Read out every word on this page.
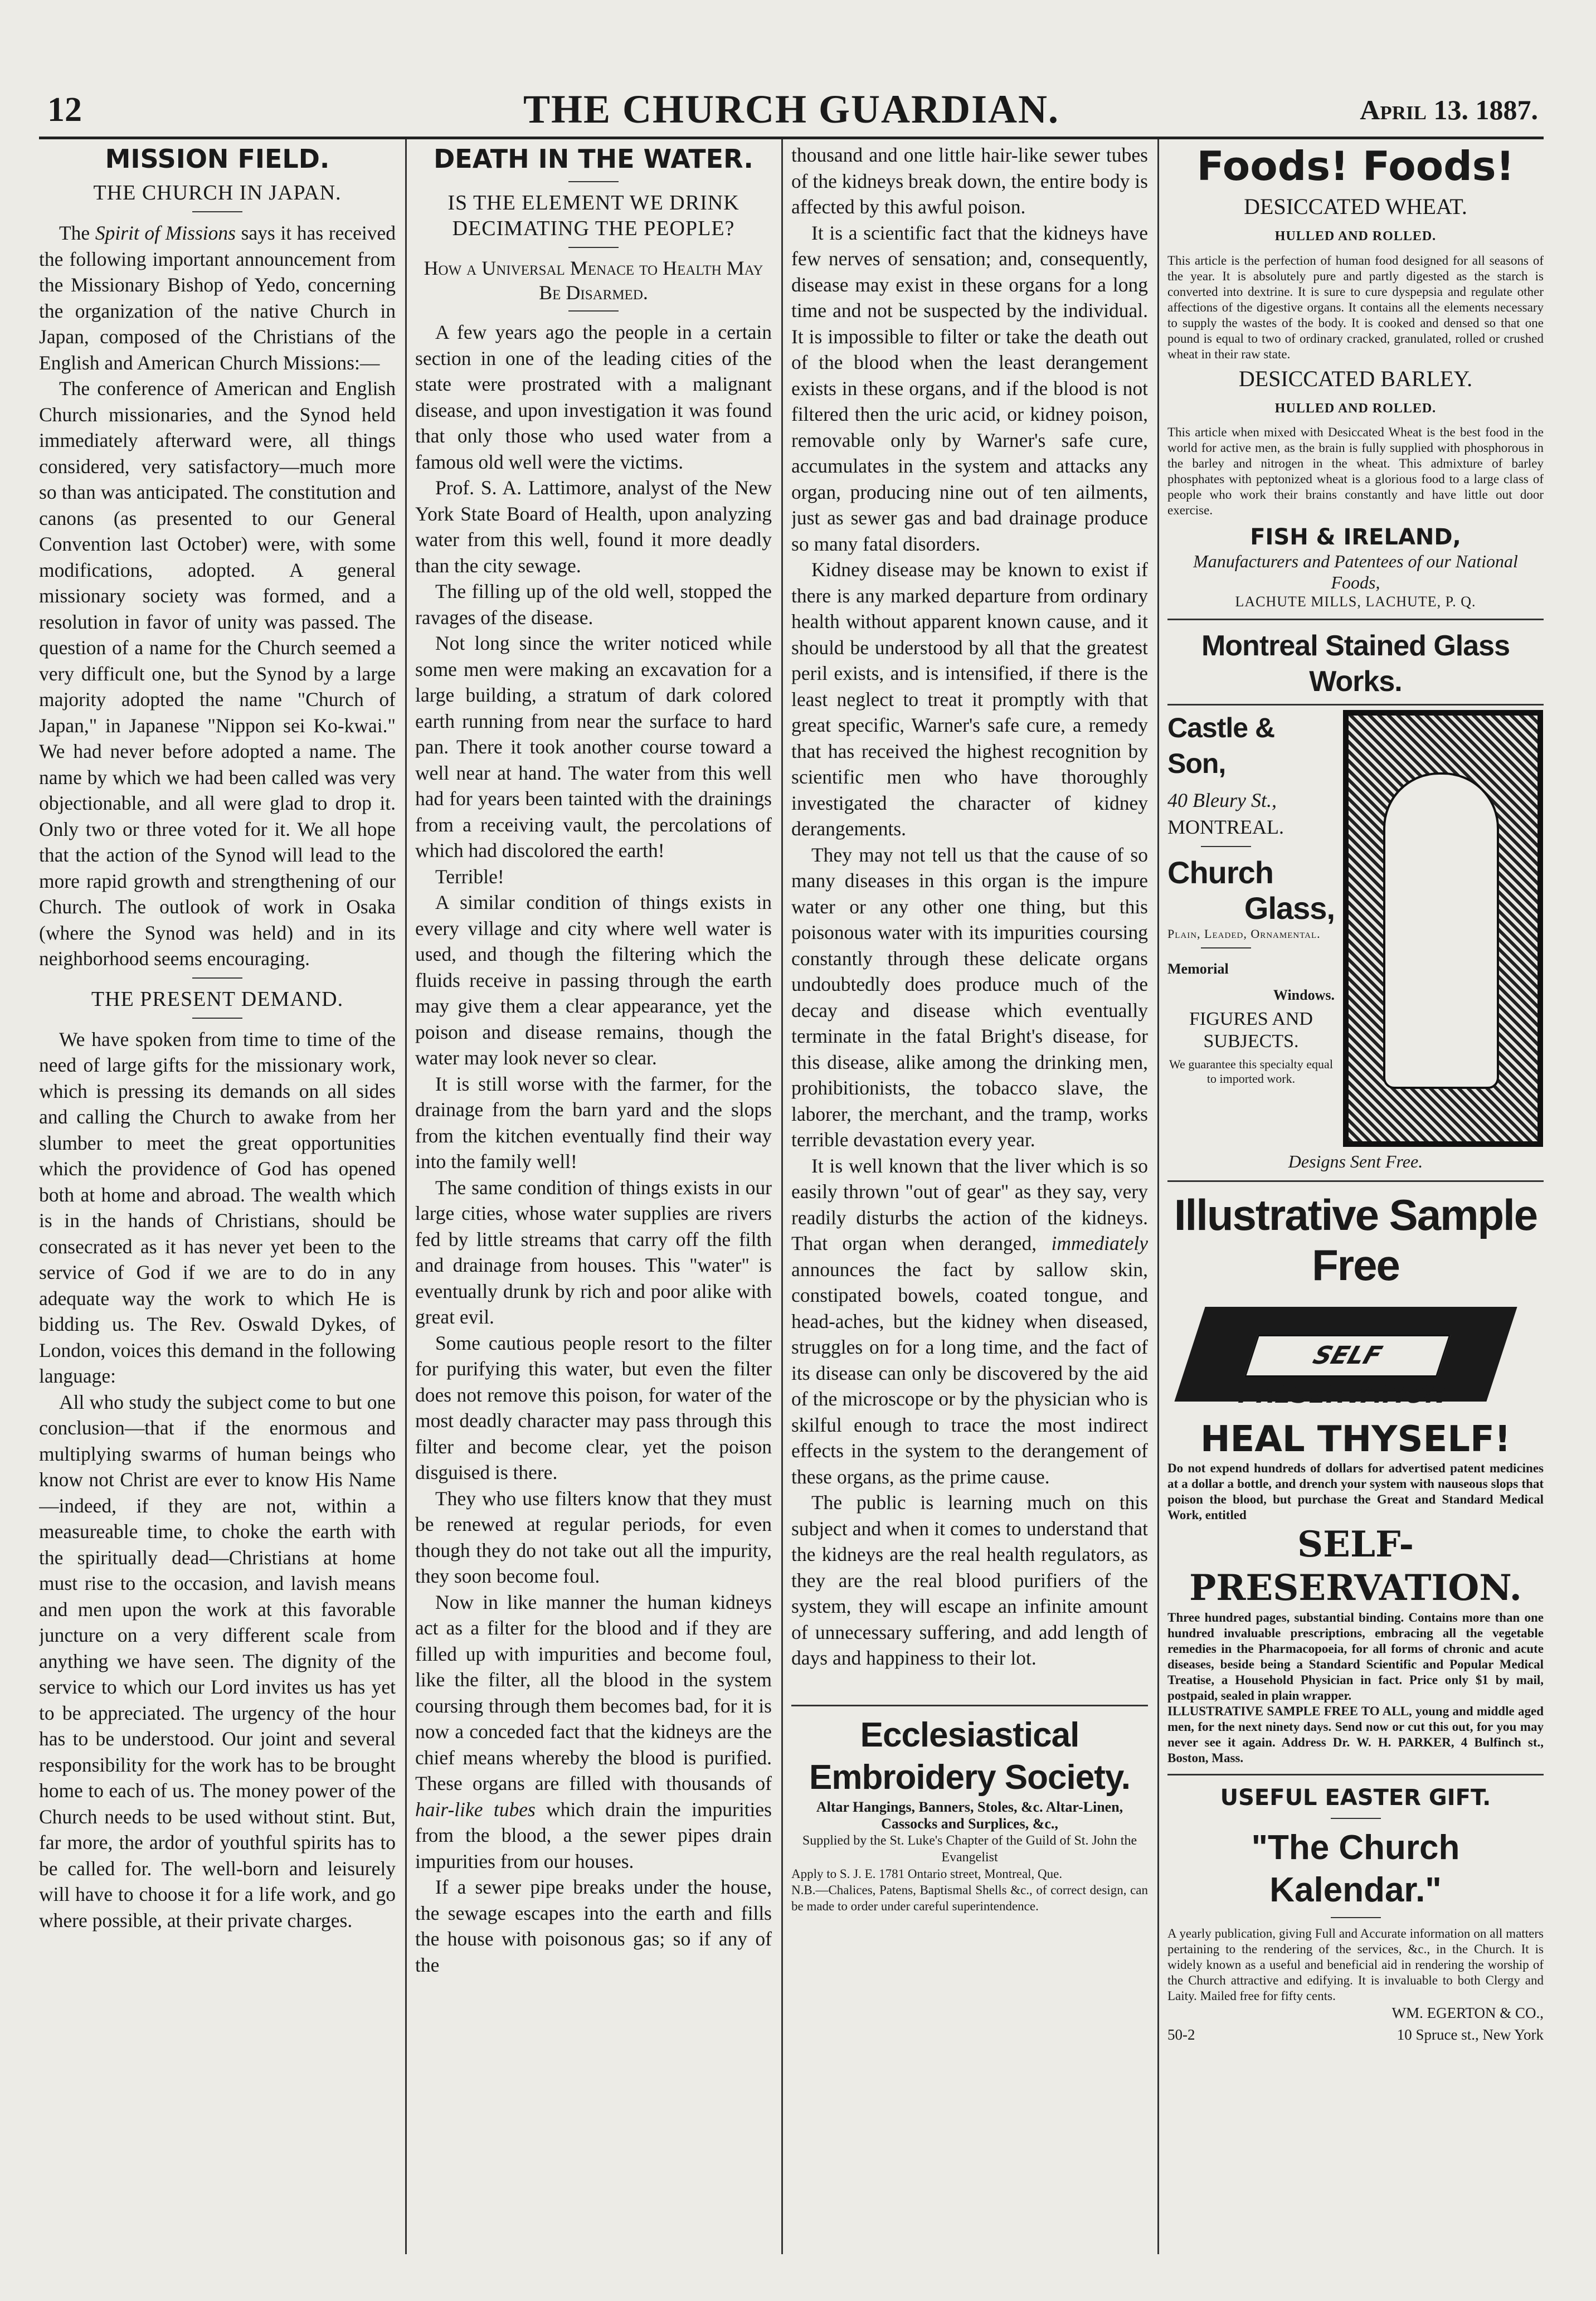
12	THE CHURCH GUARDIAN.	April 13. 1887.
MISSION FIELD.
THE CHURCH IN JAPAN.

The Spirit of Missions says it has received the following important announcement from the Missionary Bishop of Yedo, concerning the organization of the native Church in Japan, composed of the Christians of the English and American Church Missions:—

The conference of American and English Church missionaries, and the Synod held immediately afterward were, all things considered, very satisfactory—much more so than was anticipated. The constitution and canons (as presented to our General Convention last October) were, with some modifications, adopted. A general missionary society was formed, and a resolution in favor of unity was passed. The question of a name for the Church seemed a very difficult one, but the Synod by a large majority adopted the name "Church of Japan," in Japanese "Nippon sei Ko-kwai." We had never before adopted a name. The name by which we had been called was very objectionable, and all were glad to drop it. Only two or three voted for it. We all hope that the action of the Synod will lead to the more rapid growth and strengthening of our Church. The outlook of work in Osaka (where the Synod was held) and in its neighborhood seems encouraging.

THE PRESENT DEMAND.

We have spoken from time to time of the need of large gifts for the missionary work, which is pressing its demands on all sides and calling the Church to awake from her slumber to meet the great opportunities which the providence of God has opened both at home and abroad. The wealth which is in the hands of Christians, should be consecrated as it has never yet been to the service of God if we are to do in any adequate way the work to which He is bidding us. The Rev. Oswald Dykes, of London, voices this demand in the following language:

All who study the subject come to but one conclusion—that if the enormous and multiplying swarms of human beings who know not Christ are ever to know His Name—indeed, if they are not, within a measureable time, to choke the earth with the spiritually dead—Christians at home must rise to the occasion, and lavish means and men upon the work at this favorable juncture on a very different scale from anything we have seen. The dignity of the service to which our Lord invites us has yet to be appreciated. The urgency of the hour has to be understood. Our joint and several responsibility for the work has to be brought home to each of us. The money power of the Church needs to be used without stint. But, far more, the ardor of youthful spirits has to be called for. The well-born and leisurely will have to choose it for a life work, and go where possible, at their private charges.

DEATH IN THE WATER.
IS THE ELEMENT WE DRINK DECIMATING THE PEOPLE?
How a Universal Menace to Health May Be Disarmed.

A few years ago the people in a certain section in one of the leading cities of the state were prostrated with a malignant disease, and upon investigation it was found that only those who used water from a famous old well were the victims.

Prof. S. A. Lattimore, analyst of the New York State Board of Health, upon analyzing water from this well, found it more deadly than the city sewage.

The filling up of the old well, stopped the ravages of the disease.

Not long since the writer noticed while some men were making an excavation for a large building, a stratum of dark colored earth running from near the surface to hard pan. There it took another course toward a well near at hand. The water from this well had for years been tainted with the drainings from a receiving vault, the percolations of which had discolored the earth!

Terrible!

A similar condition of things exists in every village and city where well water is used, and though the filtering which the fluids receive in passing through the earth may give them a clear appearance, yet the poison and disease remains, though the water may look never so clear.

It is still worse with the farmer, for the drainage from the barn yard and the slops from the kitchen eventually find their way into the family well!

The same condition of things exists in our large cities, whose water supplies are rivers fed by little streams that carry off the filth and drainage from houses. This "water" is eventually drunk by rich and poor alike with great evil.

Some cautious people resort to the filter for purifying this water, but even the filter does not remove this poison, for water of the most deadly character may pass through this filter and become clear, yet the poison disguised is there.

They who use filters know that they must be renewed at regular periods, for even though they do not take out all the impurity, they soon become foul.

Now in like manner the human kidneys act as a filter for the blood and if they are filled up with impurities and become foul, like the filter, all the blood in the system coursing through them becomes bad, for it is now a conceded fact that the kidneys are the chief means whereby the blood is purified. These organs are filled with thousands of hair-like tubes which drain the impurities from the blood, a the sewer pipes drain impurities from our houses.

If a sewer pipe breaks under the house, the sewage escapes into the earth and fills the house with poisonous gas; so if any of the

thousand and one little hair-like sewer tubes of the kidneys break down, the entire body is affected by this awful poison.

It is a scientific fact that the kidneys have few nerves of sensation; and, consequently, disease may exist in these organs for a long time and not be suspected by the individual. It is impossible to filter or take the death out of the blood when the least derangement exists in these organs, and if the blood is not filtered then the uric acid, or kidney poison, removable only by Warner's safe cure, accumulates in the system and attacks any organ, producing nine out of ten ailments, just as sewer gas and bad drainage produce so many fatal disorders.

Kidney disease may be known to exist if there is any marked departure from ordinary health without apparent known cause, and it should be understood by all that the greatest peril exists, and is intensified, if there is the least neglect to treat it promptly with that great specific, Warner's safe cure, a remedy that has received the highest recognition by scientific men who have thoroughly investigated the character of kidney derangements.

They may not tell us that the cause of so many diseases in this organ is the impure water or any other one thing, but this poisonous water with its impurities coursing constantly through these delicate organs undoubtedly does produce much of the decay and disease which eventually terminate in the fatal Bright's disease, for this disease, alike among the drinking men, prohibitionists, the tobacco slave, the laborer, the merchant, and the tramp, works terrible devastation every year.

It is well known that the liver which is so easily thrown "out of gear" as they say, very readily disturbs the action of the kidneys. That organ when deranged, immediately announces the fact by sallow skin, constipated bowels, coated tongue, and head-aches, but the kidney when diseased, struggles on for a long time, and the fact of its disease can only be discovered by the aid of the microscope or by the physician who is skilful enough to trace the most indirect effects in the system to the derangement of these organs, as the prime cause.

The public is learning much on this subject and when it comes to understand that the kidneys are the real health regulators, as they are the real blood purifiers of the system, they will escape an infinite amount of unnecessary suffering, and add length of days and happiness to their lot.

Ecclesiastical Embroidery Society.
Altar Hangings, Banners, Stoles, &c. Altar-Linen, Cassocks and Surplices, &c.,
Supplied by the St. Luke's Chapter of the Guild of St. John the Evangelist
Apply to S. J. E. 1781 Ontario street, Montreal, Que.
N.B.—Chalices, Patens, Baptismal Shells &c., of correct design, can be made to order under careful superintendence.
Foods! Foods!
DESICCATED WHEAT.
HULLED AND ROLLED.
This article is the perfection of human food designed for all seasons of the year. It is absolutely pure and partly digested as the starch is converted into dextrine. It is sure to cure dyspepsia and regulate other affections of the digestive organs. It contains all the elements necessary to supply the wastes of the body. It is cooked and densed so that one pound is equal to two of ordinary cracked, granulated, rolled or crushed wheat in their raw state.
DESICCATED BARLEY.
HULLED AND ROLLED.
This article when mixed with Desiccated Wheat is the best food in the world for active men, as the brain is fully supplied with phosphorous in the barley and nitrogen in the wheat. This admixture of barley phosphates with peptonized wheat is a glorious food to a large class of people who work their brains constantly and have little out door exercise.
FISH & IRELAND,
Manufacturers and Patentees of our National Foods,
LACHUTE MILLS, LACHUTE, P. Q.
Montreal Stained Glass Works.
Castle & Son,
40 Bleury St.,
MONTREAL.
Church
Glass,
Plain, Leaded, Ornamental.
Memorial
Windows.
FIGURES AND SUBJECTS.
We guarantee this specialty equal to imported work.
Designs Sent Free.
Illustrative Sample Free
SELF PRESERVATION
HEAL THYSELF!
Do not expend hundreds of dollars for advertised patent medicines at a dollar a bottle, and drench your system with nauseous slops that poison the blood, but purchase the Great and Standard Medical Work, entitled
SELF-PRESERVATION.
Three hundred pages, substantial binding. Contains more than one hundred invaluable prescriptions, embracing all the vegetable remedies in the Pharmacopoeia, for all forms of chronic and acute diseases, beside being a Standard Scientific and Popular Medical Treatise, a Household Physician in fact. Price only $1 by mail, postpaid, sealed in plain wrapper.
ILLUSTRATIVE SAMPLE FREE TO ALL, young and middle aged men, for the next ninety days. Send now or cut this out, for you may never see it again. Address Dr. W. H. PARKER, 4 Bulfinch st., Boston, Mass.
USEFUL EASTER GIFT.
"The Church Kalendar."
A yearly publication, giving Full and Accurate information on all matters pertaining to the rendering of the services, &c., in the Church. It is widely known as a useful and beneficial aid in rendering the worship of the Church attractive and edifying. It is invaluable to both Clergy and Laity. Mailed free for fifty cents.
WM. EGERTON & CO.,
50-2	10 Spruce st., New York
